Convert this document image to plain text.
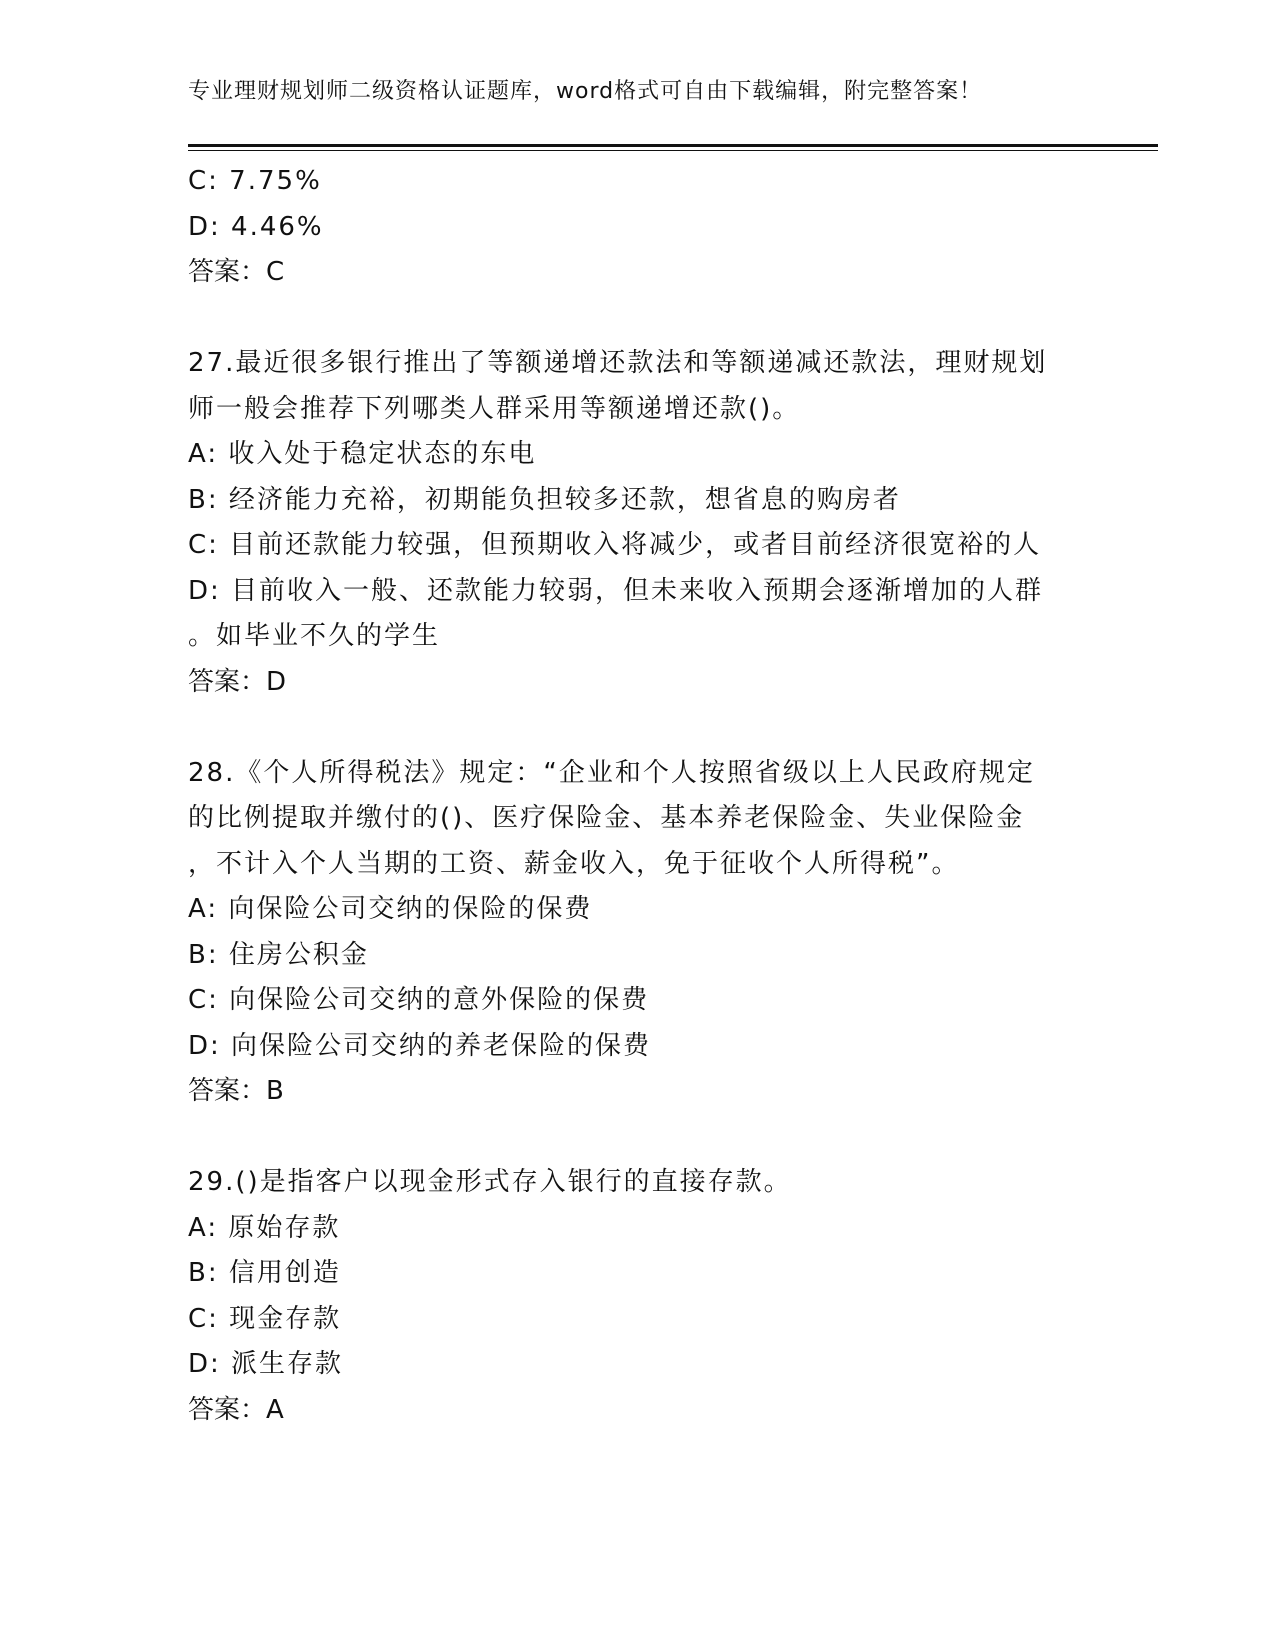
专业理财规划师二级资格认证题库，word格式可自由下载编辑，附完整答案！
C: 7.75%
D: 4.46%
答案：C
27.最近很多银行推出了等额递增还款法和等额递减还款法，理财规划
师一般会推荐下列哪类人群采用等额递增还款()。
A: 收入处于稳定状态的东电
B: 经济能力充裕，初期能负担较多还款，想省息的购房者
C: 目前还款能力较强，但预期收入将减少，或者目前经济很宽裕的人
D: 目前收入一般、还款能力较弱，但未来收入预期会逐渐增加的人群
。如毕业不久的学生
答案：D
28.《个人所得税法》规定：“企业和个人按照省级以上人民政府规定
的比例提取并缴付的()、医疗保险金、基本养老保险金、失业保险金
，不计入个人当期的工资、薪金收入，免于征收个人所得税”。
A: 向保险公司交纳的保险的保费
B: 住房公积金
C: 向保险公司交纳的意外保险的保费
D: 向保险公司交纳的养老保险的保费
答案：B
29.()是指客户以现金形式存入银行的直接存款。
A: 原始存款
B: 信用创造
C: 现金存款
D: 派生存款
答案：A
